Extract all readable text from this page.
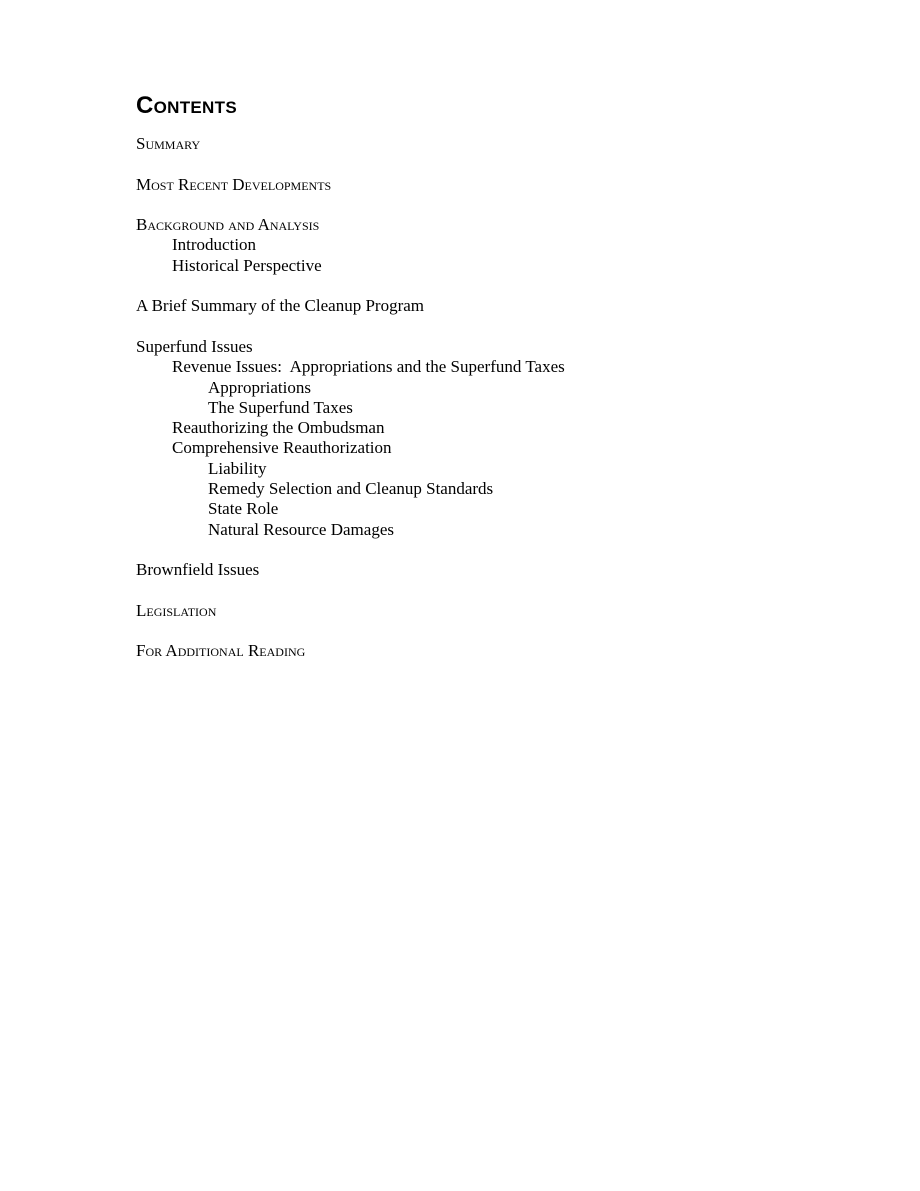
Contents
Summary
Most Recent Developments
Background and Analysis
Introduction
Historical Perspective
A Brief Summary of the Cleanup Program
Superfund Issues
Revenue Issues:  Appropriations and the Superfund Taxes
Appropriations
The Superfund Taxes
Reauthorizing the Ombudsman
Comprehensive Reauthorization
Liability
Remedy Selection and Cleanup Standards
State Role
Natural Resource Damages
Brownfield Issues
Legislation
For Additional Reading
